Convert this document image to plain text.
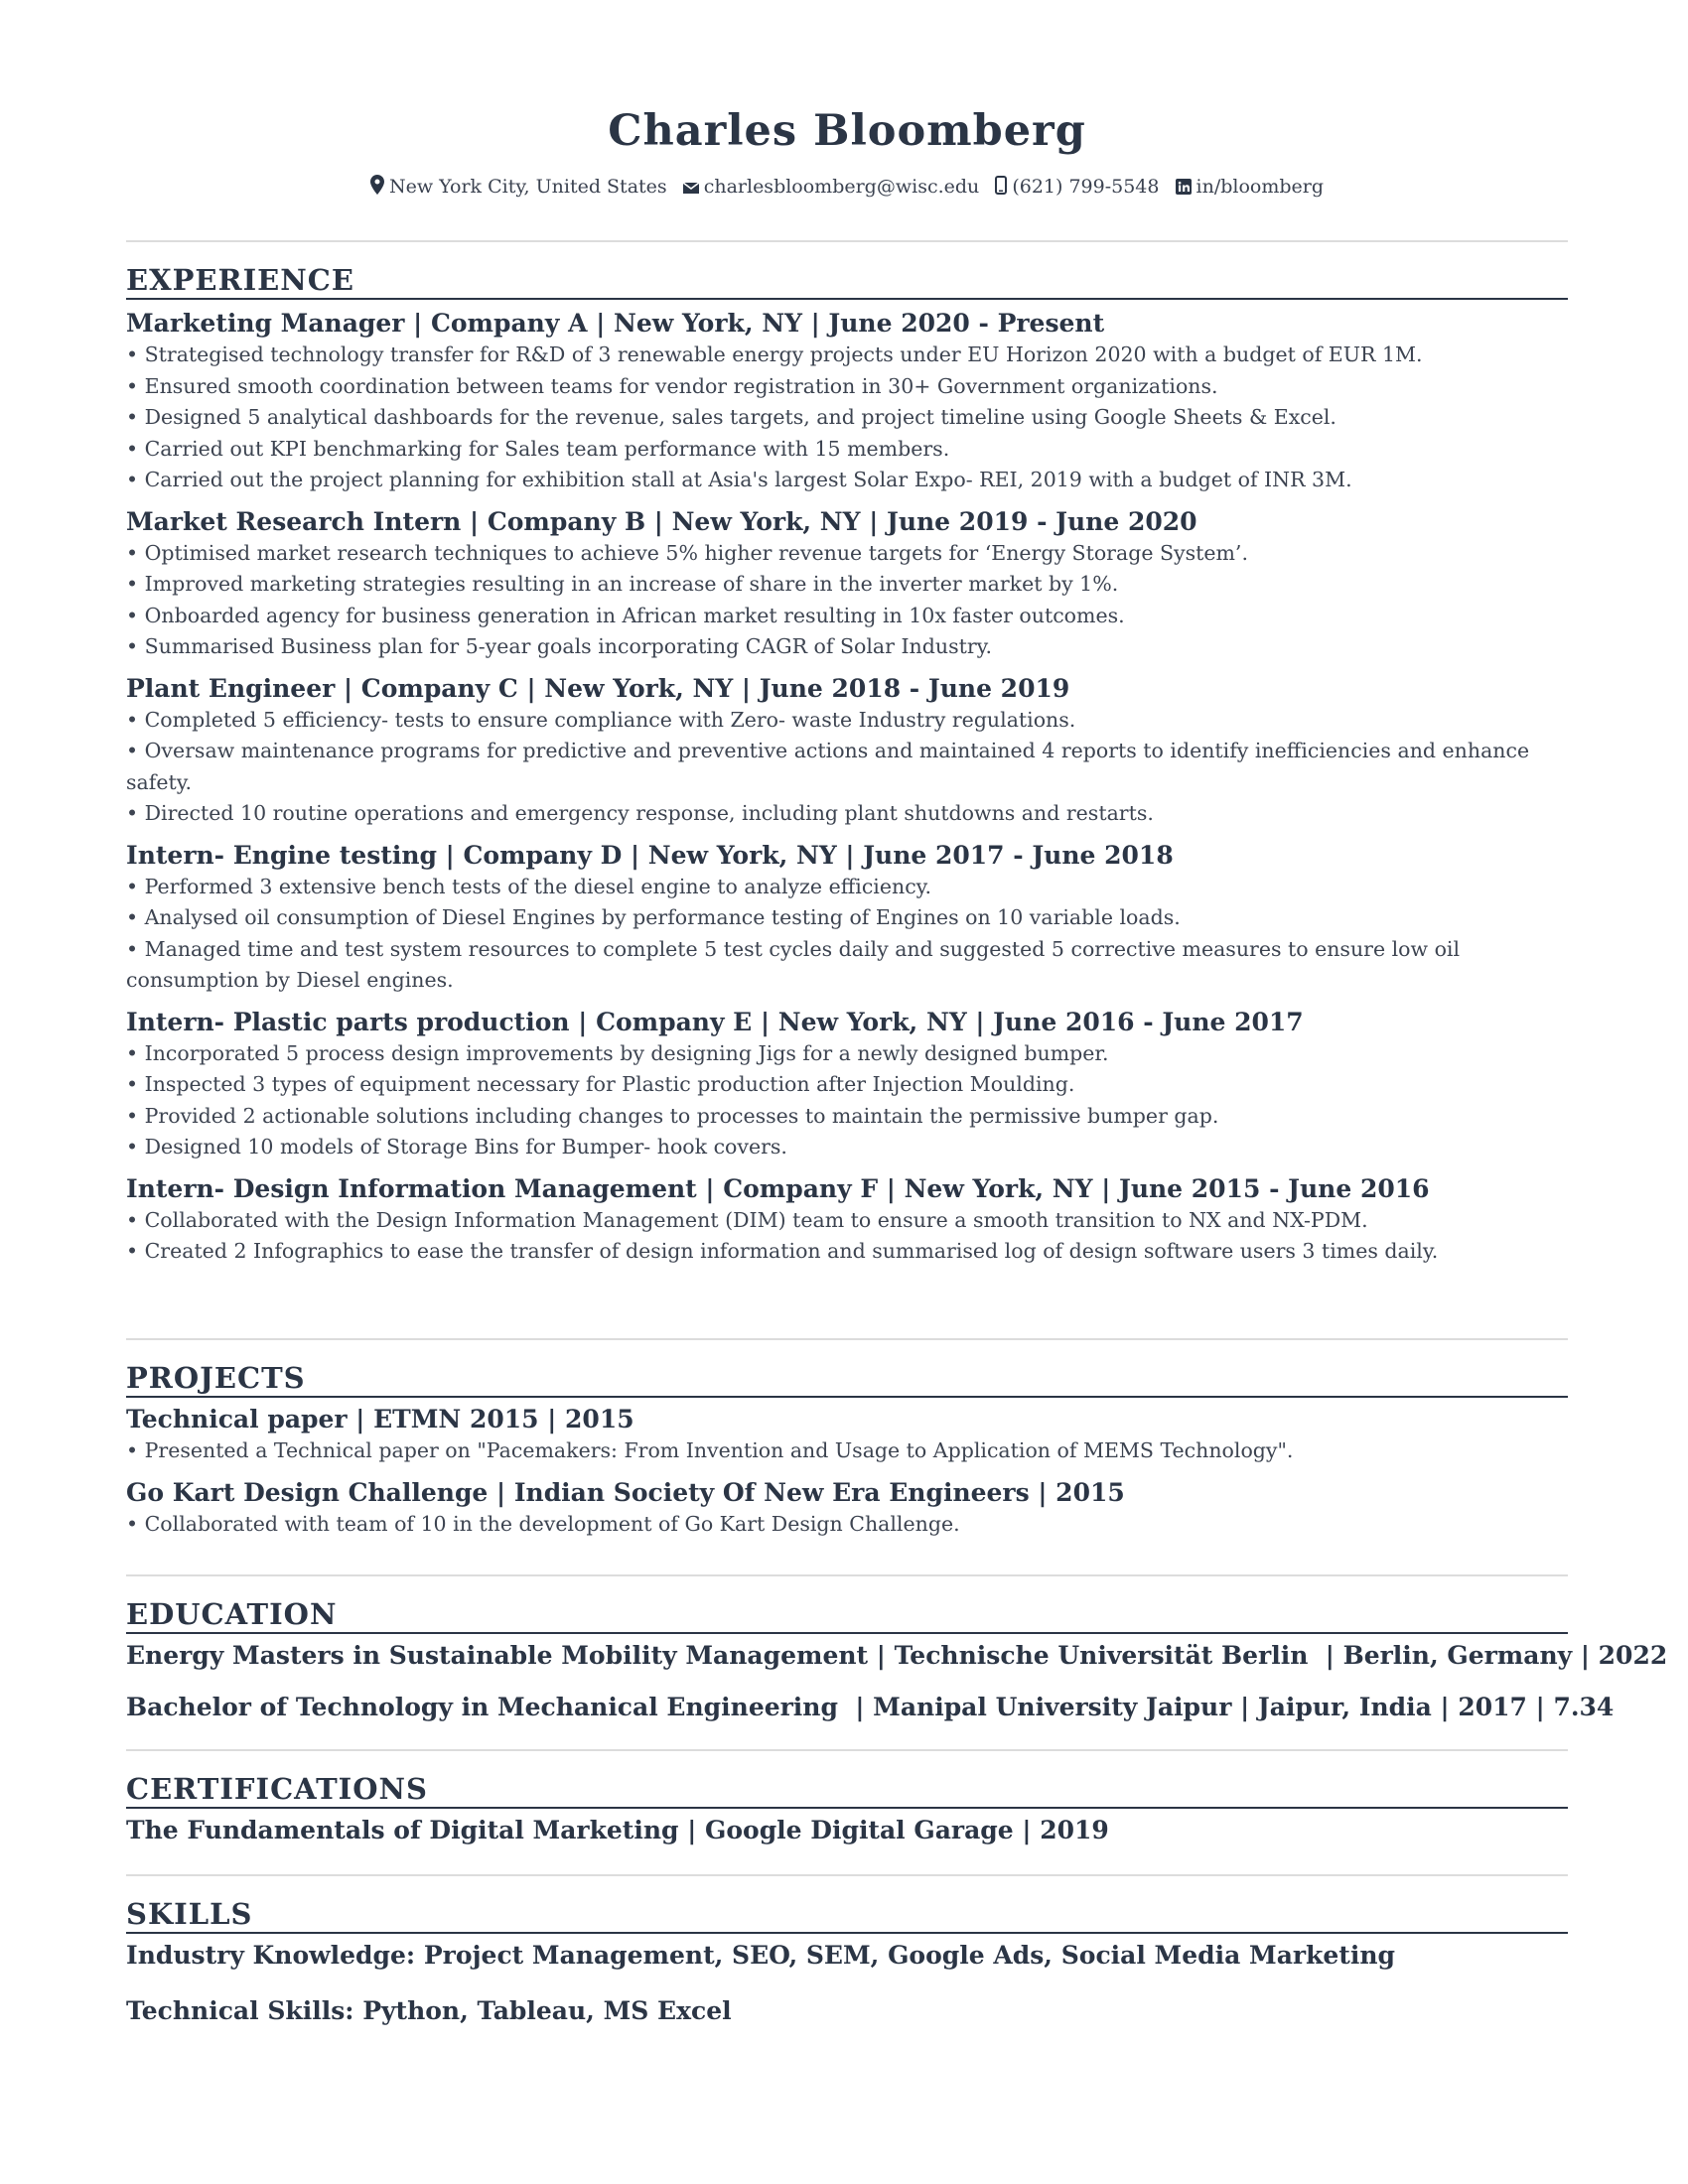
Charles Bloomberg
New York City, United States charlesbloomberg@wisc.edu (621) 799-5548 in/bloomberg
EXPERIENCE
Marketing Manager | Company A | New York, NY | June 2020 - Present
• Strategised technology transfer for R&D of 3 renewable energy projects under EU Horizon 2020 with a budget of EUR 1M.
• Ensured smooth coordination between teams for vendor registration in 30+ Government organizations.
• Designed 5 analytical dashboards for the revenue, sales targets, and project timeline using Google Sheets & Excel.
• Carried out KPI benchmarking for Sales team performance with 15 members.
• Carried out the project planning for exhibition stall at Asia's largest Solar Expo- REI, 2019 with a budget of INR 3M.
Market Research Intern | Company B | New York, NY | June 2019 - June 2020
• Optimised market research techniques to achieve 5% higher revenue targets for ‘Energy Storage System’.
• Improved marketing strategies resulting in an increase of share in the inverter market by 1%.
• Onboarded agency for business generation in African market resulting in 10x faster outcomes.
• Summarised Business plan for 5-year goals incorporating CAGR of Solar Industry.
Plant Engineer | Company C | New York, NY | June 2018 - June 2019
• Completed 5 efficiency- tests to ensure compliance with Zero- waste Industry regulations.
• Oversaw maintenance programs for predictive and preventive actions and maintained 4 reports to identify inefficiencies and enhance safety.
• Directed 10 routine operations and emergency response, including plant shutdowns and restarts.
Intern- Engine testing | Company D | New York, NY | June 2017 - June 2018
• Performed 3 extensive bench tests of the diesel engine to analyze efficiency.
• Analysed oil consumption of Diesel Engines by performance testing of Engines on 10 variable loads.
• Managed time and test system resources to complete 5 test cycles daily and suggested 5 corrective measures to ensure low oil consumption by Diesel engines.
Intern- Plastic parts production | Company E | New York, NY | June 2016 - June 2017
• Incorporated 5 process design improvements by designing Jigs for a newly designed bumper.
• Inspected 3 types of equipment necessary for Plastic production after Injection Moulding.
• Provided 2 actionable solutions including changes to processes to maintain the permissive bumper gap.
• Designed 10 models of Storage Bins for Bumper- hook covers.
Intern- Design Information Management | Company F | New York, NY | June 2015 - June 2016
• Collaborated with the Design Information Management (DIM) team to ensure a smooth transition to NX and NX-PDM.
• Created 2 Infographics to ease the transfer of design information and summarised log of design software users 3 times daily.
PROJECTS
Technical paper | ETMN 2015 | 2015
• Presented a Technical paper on "Pacemakers: From Invention and Usage to Application of MEMS Technology".
Go Kart Design Challenge | Indian Society Of New Era Engineers | 2015
• Collaborated with team of 10 in the development of Go Kart Design Challenge.
EDUCATION
Energy Masters in Sustainable Mobility Management | Technische Universität Berlin  | Berlin, Germany | 2022
Bachelor of Technology in Mechanical Engineering  | Manipal University Jaipur | Jaipur, India | 2017 | 7.34
CERTIFICATIONS
The Fundamentals of Digital Marketing | Google Digital Garage | 2019
SKILLS
Industry Knowledge: Project Management, SEO, SEM, Google Ads, Social Media Marketing
Technical Skills: Python, Tableau, MS Excel
